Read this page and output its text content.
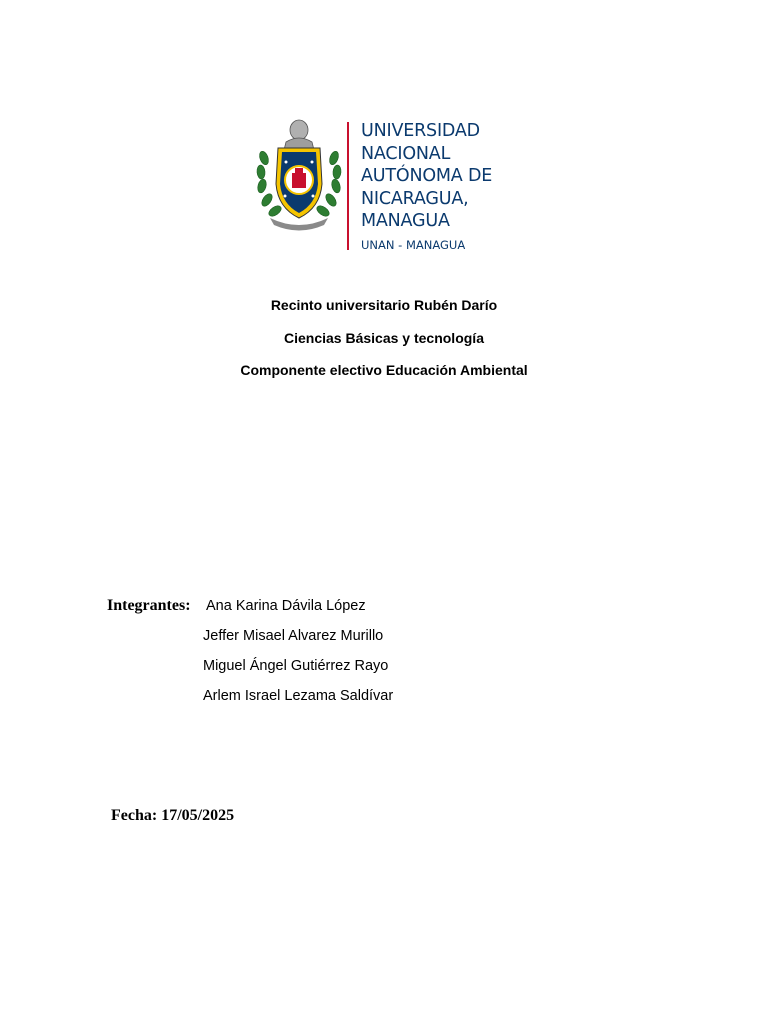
UNIVERSIDAD
NACIONAL
AUTÓNOMA DE
NICARAGUA,
MANAGUA
UNAN - MANAGUA

Recinto universitario Rubén Darío

Ciencias Básicas y tecnología

Componente electivo Educación Ambiental

Integrantes: Ana Karina Dávila López
Jeffer Misael Alvarez Murillo
Miguel Ángel Gutiérrez Rayo
Arlem Israel Lezama Saldívar
Fecha: 17/05/2025
